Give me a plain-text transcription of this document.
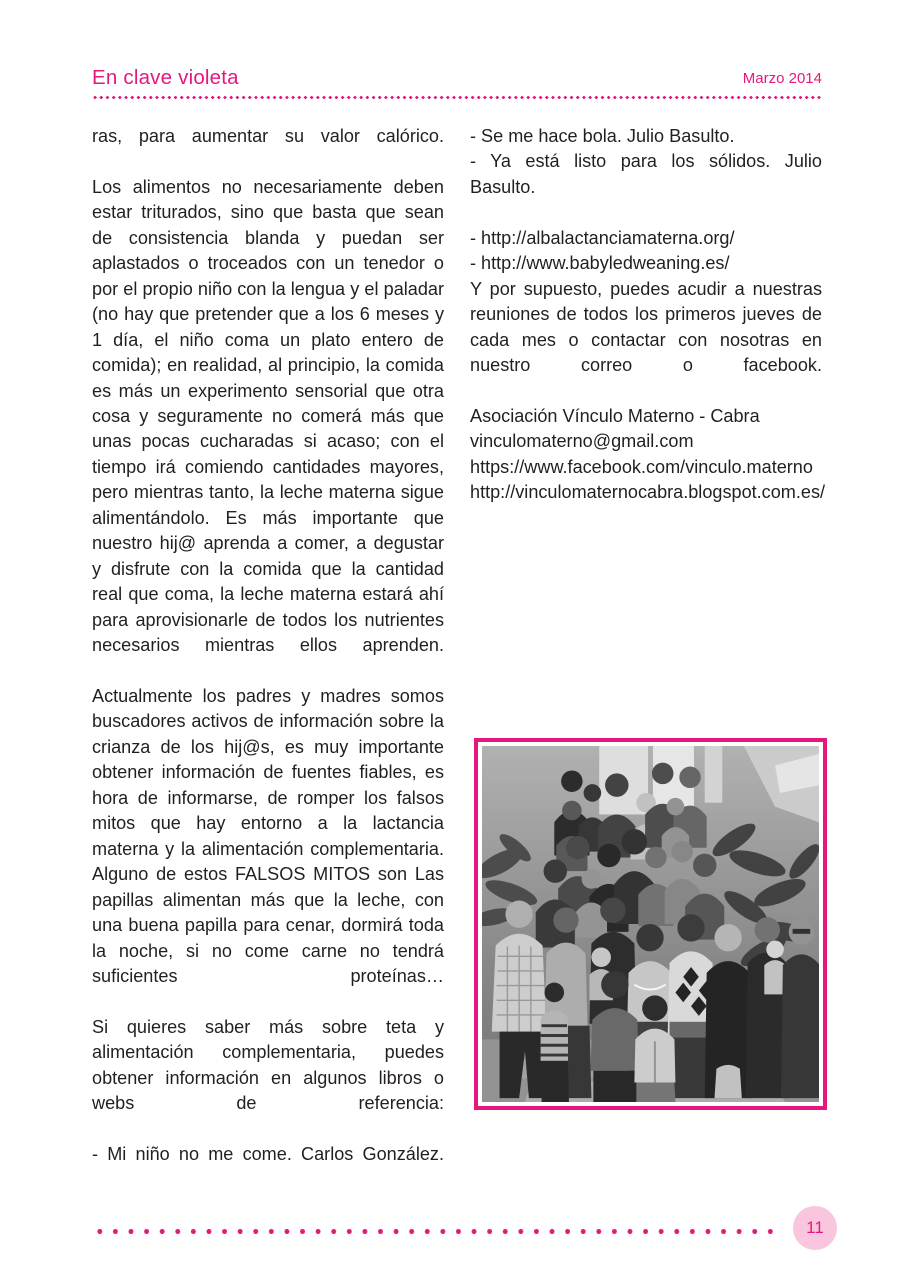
En clave violeta	Marzo 2014

ras, para aumentar su valor calórico.

Los alimentos no necesariamente deben estar triturados, sino que basta que sean de consistencia blanda y puedan ser aplastados o troceados con un tenedor o por el propio niño con la lengua y el paladar (no hay que pretender que a los 6 meses y 1 día, el niño coma un plato entero de comida); en realidad, al principio, la comida es más un experimento sensorial que otra cosa y seguramente no comerá más que unas pocas cucharadas si acaso; con el tiempo irá comiendo cantidades mayores, pero mientras tanto, la leche materna sigue alimentándolo. Es más importante que nuestro hij@ aprenda a comer, a degustar y disfrute con la comida que la cantidad real que coma, la leche materna estará ahí para aprovisionarle de todos los nutrientes necesarios mientras ellos aprenden.

Actualmente los padres y madres somos buscadores activos de información sobre la crianza de los hij@s, es muy importante obtener información de fuentes fiables, es hora de informarse, de romper los falsos mitos que hay entorno a la lactancia materna y la alimentación complementaria. Alguno de estos FALSOS MITOS son Las papillas alimentan más que la leche, con una buena papilla para cenar, dormirá toda la noche, si no come carne no tendrá suficientes proteínas…

Si quieres saber más sobre teta y alimentación complementaria, puedes obtener información en algunos libros o webs de referencia:

- Mi niño no me come. Carlos González.

- Se me hace bola. Julio Basulto.

- Ya está listo para los sólidos. Julio Basulto.

- http://albalactanciamaterna.org/

- http://www.babyledweaning.es/

Y por supuesto, puedes acudir a nuestras reuniones de todos los primeros jueves de cada mes o contactar con nosotras en nuestro correo o facebook.

Asociación Vínculo Materno - Cabra

vinculomaterno@gmail.com

https://www.facebook.com/vinculo.materno

http://vinculomaternocabra.blogspot.com.es/

11
